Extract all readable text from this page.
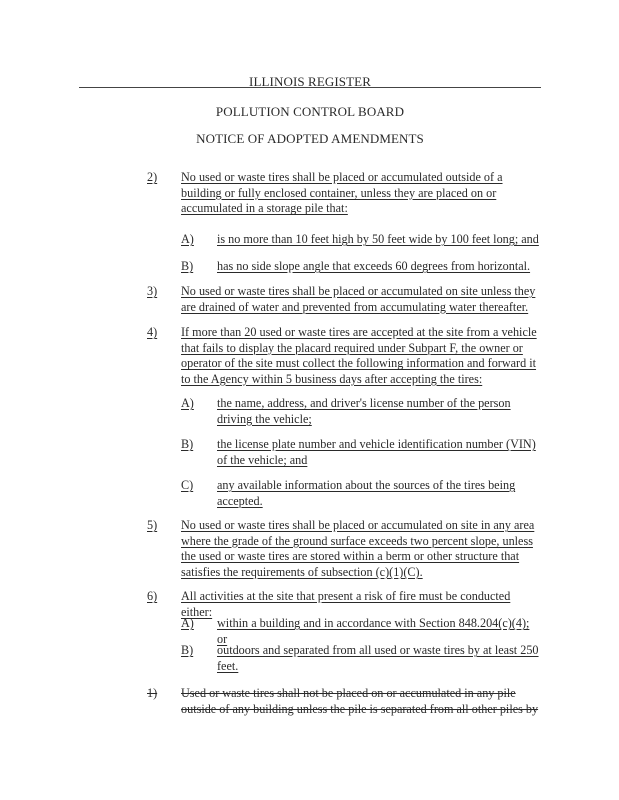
ILLINOIS REGISTER
POLLUTION CONTROL BOARD
NOTICE OF ADOPTED AMENDMENTS
2) No used or waste tires shall be placed or accumulated outside of a building or fully enclosed container, unless they are placed on or accumulated in a storage pile that:
A) is no more than 10 feet high by 50 feet wide by 100 feet long; and
B) has no side slope angle that exceeds 60 degrees from horizontal.
3) No used or waste tires shall be placed or accumulated on site unless they are drained of water and prevented from accumulating water thereafter.
4) If more than 20 used or waste tires are accepted at the site from a vehicle that fails to display the placard required under Subpart F, the owner or operator of the site must collect the following information and forward it to the Agency within 5 business days after accepting the tires:
A) the name, address, and driver's license number of the person driving the vehicle;
B) the license plate number and vehicle identification number (VIN) of the vehicle; and
C) any available information about the sources of the tires being accepted.
5) No used or waste tires shall be placed or accumulated on site in any area where the grade of the ground surface exceeds two percent slope, unless the used or waste tires are stored within a berm or other structure that satisfies the requirements of subsection (c)(1)(C).
6) All activities at the site that present a risk of fire must be conducted either:
A) within a building and in accordance with Section 848.204(c)(4); or
B) outdoors and separated from all used or waste tires by at least 250 feet.
1) Used or waste tires shall not be placed on or accumulated in any pile outside of any building unless the pile is separated from all other piles by
